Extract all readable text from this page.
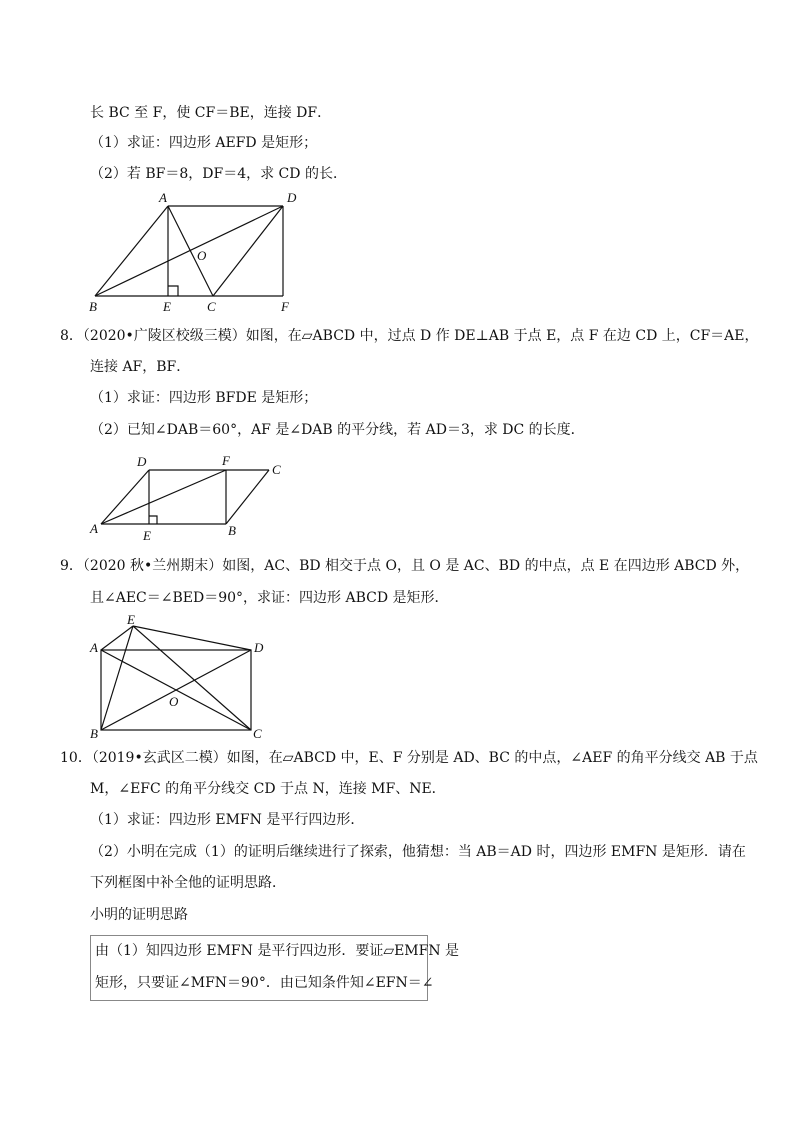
长 BC 至 F，使 CF＝BE，连接 DF．
（1）求证：四边形 AEFD 是矩形；
（2）若 BF＝8，DF＝4，求 CD 的长．
A	D
O
B	E	C	F
8．（2020•广陵区校级三模）如图，在▱ABCD 中，过点 D 作 DE⊥AB 于点 E，点 F 在边 CD 上，CF＝AE，
连接 AF，BF．
（1）求证：四边形 BFDE 是矩形；
（2）已知∠DAB＝60°，AF 是∠DAB 的平分线，若 AD＝3，求 DC 的长度．
D	F
C
A	E	B
9．（2020 秋•兰州期末）如图，AC、BD 相交于点 O，且 O 是 AC、BD 的中点，点 E 在四边形 ABCD 外，
且∠AEC＝∠BED＝90°，求证：四边形 ABCD 是矩形．
E
A	D
O
B	C
10．（2019•玄武区二模）如图，在▱ABCD 中，E、F 分别是 AD、BC 的中点，∠AEF 的角平分线交 AB 于点
M，∠EFC 的角平分线交 CD 于点 N，连接 MF、NE．
（1）求证：四边形 EMFN 是平行四边形．
（2）小明在完成（1）的证明后继续进行了探索，他猜想：当 AB＝AD 时，四边形 EMFN 是矩形．请在
下列框图中补全他的证明思路．
小明的证明思路
由（1）知四边形 EMFN 是平行四边形．要证▱EMFN 是
矩形，只要证∠MFN＝90°．由已知条件知∠EFN＝∠
